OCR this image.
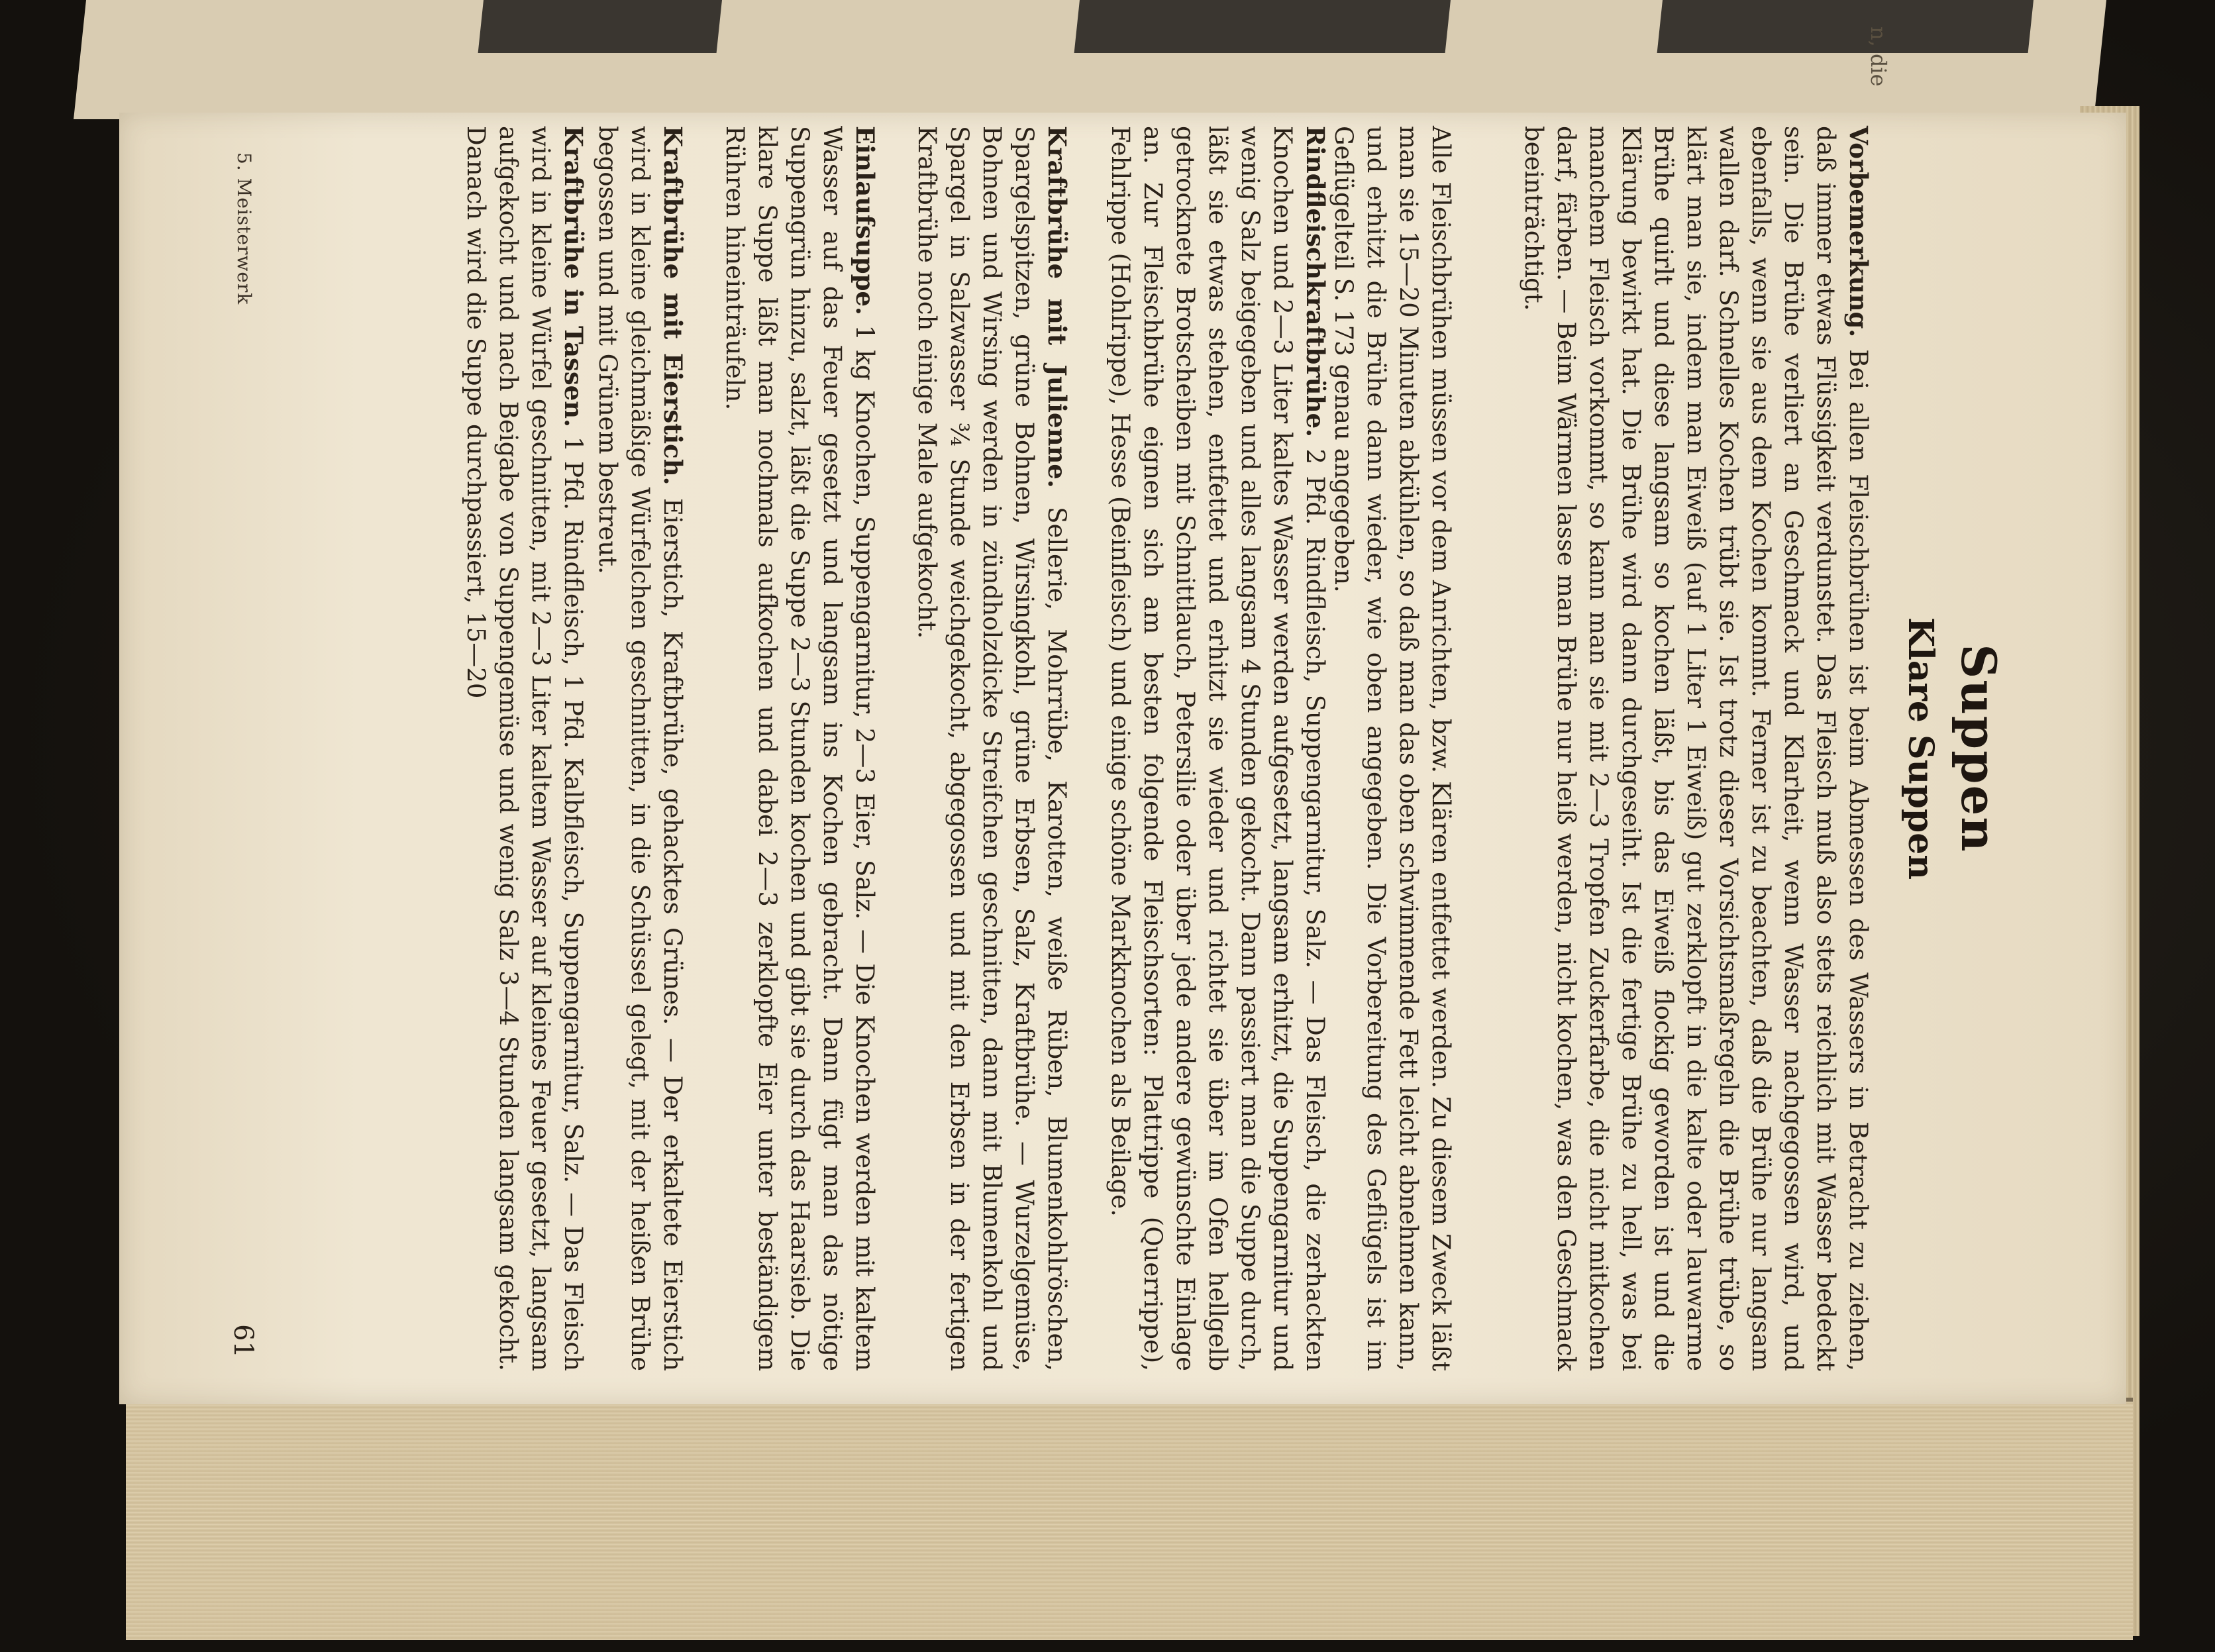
n, die
Suppen
Klare Suppen
Vorbemerkung. Bei allen Fleischbrühen ist beim Abmessen des Wassers in Betracht zu ziehen, daß immer etwas Flüssigkeit verdunstet. Das Fleisch muß also stets reichlich mit Wasser bedeckt sein. Die Brühe verliert an Geschmack und Klarheit, wenn Wasser nachgegossen wird, und ebenfalls, wenn sie aus dem Kochen kommt. Ferner ist zu beachten, daß die Brühe nur langsam wallen darf. Schnelles Kochen trübt sie. Ist trotz dieser Vorsichtsmaßregeln die Brühe trübe, so klärt man sie, indem man Eiweiß (auf 1 Liter 1 Eiweiß) gut zerklopft in die kalte oder lauwarme Brühe quirlt und diese langsam so kochen läßt, bis das Eiweiß flockig geworden ist und die Klärung bewirkt hat. Die Brühe wird dann durchgeseiht. Ist die fertige Brühe zu hell, was bei manchem Fleisch vorkommt, so kann man sie mit 2—3 Tropfen Zuckerfarbe, die nicht mitkochen darf, färben. — Beim Wärmen lasse man Brühe nur heiß werden, nicht kochen, was den Geschmack beeinträchtigt.
Alle Fleischbrühen müssen vor dem Anrichten, bzw. Klären entfettet werden. Zu diesem Zweck läßt man sie 15—20 Minuten abkühlen, so daß man das oben schwimmende Fett leicht abnehmen kann, und erhitzt die Brühe dann wieder, wie oben angegeben. Die Vorbereitung des Geflügels ist im Geflügelteil S. 173 genau angegeben.
Rindfleischkraftbrühe. 2 Pfd. Rindfleisch, Suppengarnitur, Salz. — Das Fleisch, die zerhackten Knochen und 2—3 Liter kaltes Wasser werden aufgesetzt, langsam erhitzt, die Suppengarnitur und wenig Salz beigegeben und alles langsam 4 Stunden gekocht. Dann passiert man die Suppe durch, läßt sie etwas stehen, entfettet und erhitzt sie wieder und richtet sie über im Ofen hellgelb getrocknete Brotscheiben mit Schnittlauch, Petersilie oder über jede andere gewünschte Einlage an. Zur Fleischbrühe eignen sich am besten folgende Fleischsorten: Plattrippe (Querrippe), Fehlrippe (Hohlrippe), Hesse (Beinfleisch) und einige schöne Markknochen als Beilage.
Kraftbrühe mit Julienne. Sellerie, Mohrrübe, Karotten, weiße Rüben, Blumenkohlröschen, Spargelspitzen, grüne Bohnen, Wirsingkohl, grüne Erbsen, Salz, Kraftbrühe. — Wurzelgemüse, Bohnen und Wirsing werden in zündholzdicke Streifchen geschnitten, dann mit Blumenkohl und Spargel in Salzwasser ¾ Stunde weichgekocht, abgegossen und mit den Erbsen in der fertigen Kraftbrühe noch einige Male aufgekocht.
Einlaufsuppe. 1 kg Knochen, Suppengarnitur, 2—3 Eier, Salz. — Die Knochen werden mit kaltem Wasser auf das Feuer gesetzt und langsam ins Kochen gebracht. Dann fügt man das nötige Suppengrün hinzu, salzt, läßt die Suppe 2—3 Stunden kochen und gibt sie durch das Haarsieb. Die klare Suppe läßt man nochmals aufkochen und dabei 2—3 zerklopfte Eier unter beständigem Rühren hineinträufeln.
Kraftbrühe mit Eierstich. Eierstich, Kraftbrühe, gehacktes Grünes. — Der erkaltete Eierstich wird in kleine gleichmäßige Würfelchen geschnitten, in die Schüssel gelegt, mit der heißen Brühe begossen und mit Grünem bestreut.
Kraftbrühe in Tassen. 1 Pfd. Rindfleisch, 1 Pfd. Kalbfleisch, Suppengarnitur, Salz. — Das Fleisch wird in kleine Würfel geschnitten, mit 2—3 Liter kaltem Wasser auf kleines Feuer gesetzt, langsam aufgekocht und nach Beigabe von Suppengemüse und wenig Salz 3—4 Stunden langsam gekocht. Danach wird die Suppe durchpassiert, 15—20
5. Meisterwerk
61
